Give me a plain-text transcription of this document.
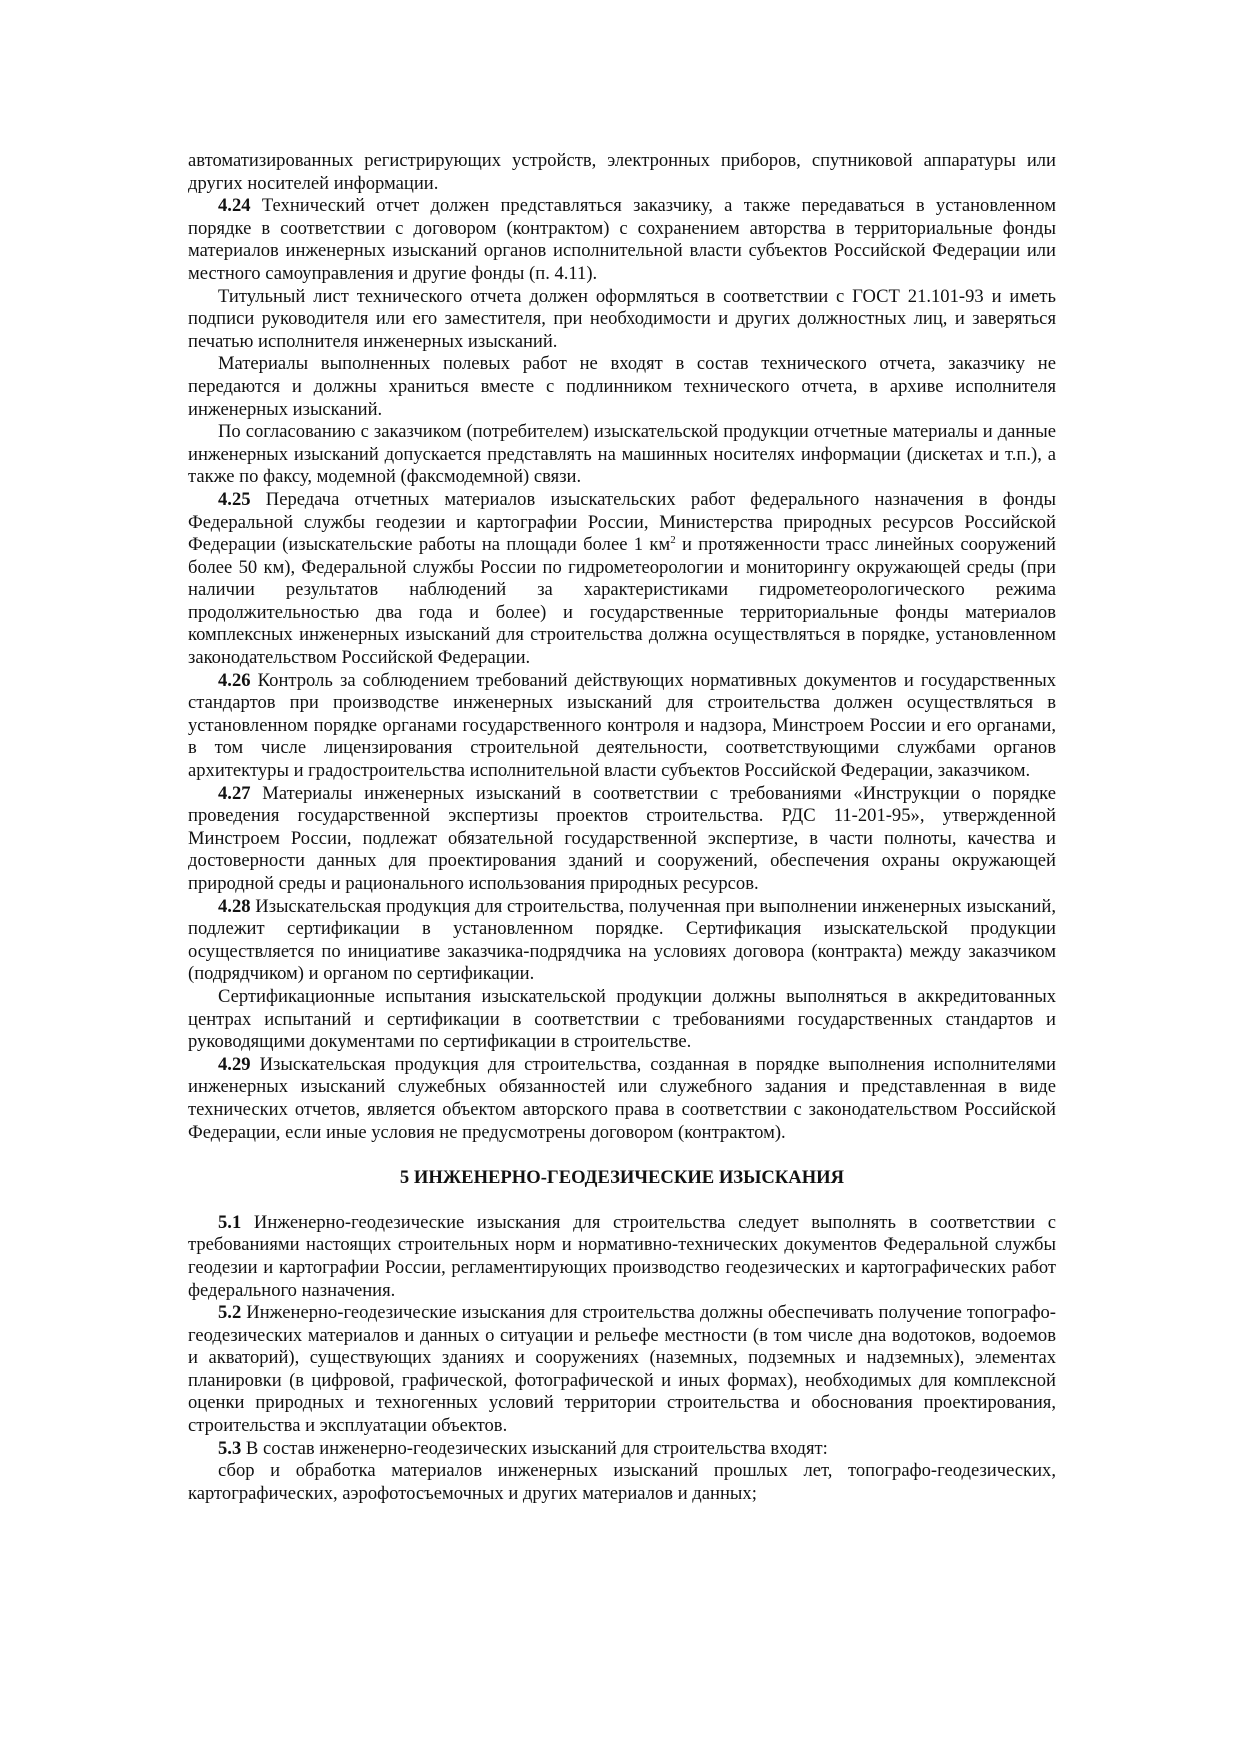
автоматизированных регистрирующих устройств, электронных приборов, спутниковой аппаратуры или других носителей информации.

4.24 Технический отчет должен представляться заказчику, а также передаваться в установленном порядке в соответствии с договором (контрактом) с сохранением авторства в территориальные фонды материалов инженерных изысканий органов исполнительной власти субъектов Российской Федерации или местного самоуправления и другие фонды (п. 4.11).

Титульный лист технического отчета должен оформляться в соответствии с ГОСТ 21.101-93 и иметь подписи руководителя или его заместителя, при необходимости и других должностных лиц, и заверяться печатью исполнителя инженерных изысканий.

Материалы выполненных полевых работ не входят в состав технического отчета, заказчику не передаются и должны храниться вместе с подлинником технического отчета, в архиве исполнителя инженерных изысканий.

По согласованию с заказчиком (потребителем) изыскательской продукции отчетные материалы и данные инженерных изысканий допускается представлять на машинных носителях информации (дискетах и т.п.), а также по факсу, модемной (факсмодемной) связи.

4.25 Передача отчетных материалов изыскательских работ федерального назначения в фонды Федеральной службы геодезии и картографии России, Министерства природных ресурсов Российской Федерации (изыскательские работы на площади более 1 $км^2$ и протяженности трасс линейных сооружений более 50 км), Федеральной службы России по гидрометеорологии и мониторингу окружающей среды (при наличии результатов наблюдений за характеристиками гидрометеорологического режима продолжительностью два года и более) и государственные территориальные фонды материалов комплексных инженерных изысканий для строительства должна осуществляться в порядке, установленном законодательством Российской Федерации.

4.26 Контроль за соблюдением требований действующих нормативных документов и государственных стандартов при производстве инженерных изысканий для строительства должен осуществляться в установленном порядке органами государственного контроля и надзора, Минстроем России и его органами, в том числе лицензирования строительной деятельности, соответствующими службами органов архитектуры и градостроительства исполнительной власти субъектов Российской Федерации, заказчиком.

4.27 Материалы инженерных изысканий в соответствии с требованиями «Инструкции о порядке проведения государственной экспертизы проектов строительства. РДС 11-201-95», утвержденной Минстроем России, подлежат обязательной государственной экспертизе, в части полноты, качества и достоверности данных для проектирования зданий и сооружений, обеспечения охраны окружающей природной среды и рационального использования природных ресурсов.

4.28 Изыскательская продукция для строительства, полученная при выполнении инженерных изысканий, подлежит сертификации в установленном порядке. Сертификация изыскательской продукции осуществляется по инициативе заказчика-подрядчика на условиях договора (контракта) между заказчиком (подрядчиком) и органом по сертификации.

Сертификационные испытания изыскательской продукции должны выполняться в аккредитованных центрах испытаний и сертификации в соответствии с требованиями государственных стандартов и руководящими документами по сертификации в строительстве.

4.29 Изыскательская продукция для строительства, созданная в порядке выполнения исполнителями инженерных изысканий служебных обязанностей или служебного задания и представленная в виде технических отчетов, является объектом авторского права в соответствии с законодательством Российской Федерации, если иные условия не предусмотрены договором (контрактом).

5 ИНЖЕНЕРНО-ГЕОДЕЗИЧЕСКИЕ ИЗЫСКАНИЯ

5.1 Инженерно-геодезические изыскания для строительства следует выполнять в соответствии с требованиями настоящих строительных норм и нормативно-технических документов Федеральной службы геодезии и картографии России, регламентирующих производство геодезических и картографических работ федерального назначения.

5.2 Инженерно-геодезические изыскания для строительства должны обеспечивать получение топографо-геодезических материалов и данных о ситуации и рельефе местности (в том числе дна водотоков, водоемов и акваторий), существующих зданиях и сооружениях (наземных, подземных и надземных), элементах планировки (в цифровой, графической, фотографической и иных формах), необходимых для комплексной оценки природных и техногенных условий территории строительства и обоснования проектирования, строительства и эксплуатации объектов.

5.3 В состав инженерно-геодезических изысканий для строительства входят:

сбор и обработка материалов инженерных изысканий прошлых лет, топографо-геодезических, картографических, аэрофотосъемочных и других материалов и данных;
